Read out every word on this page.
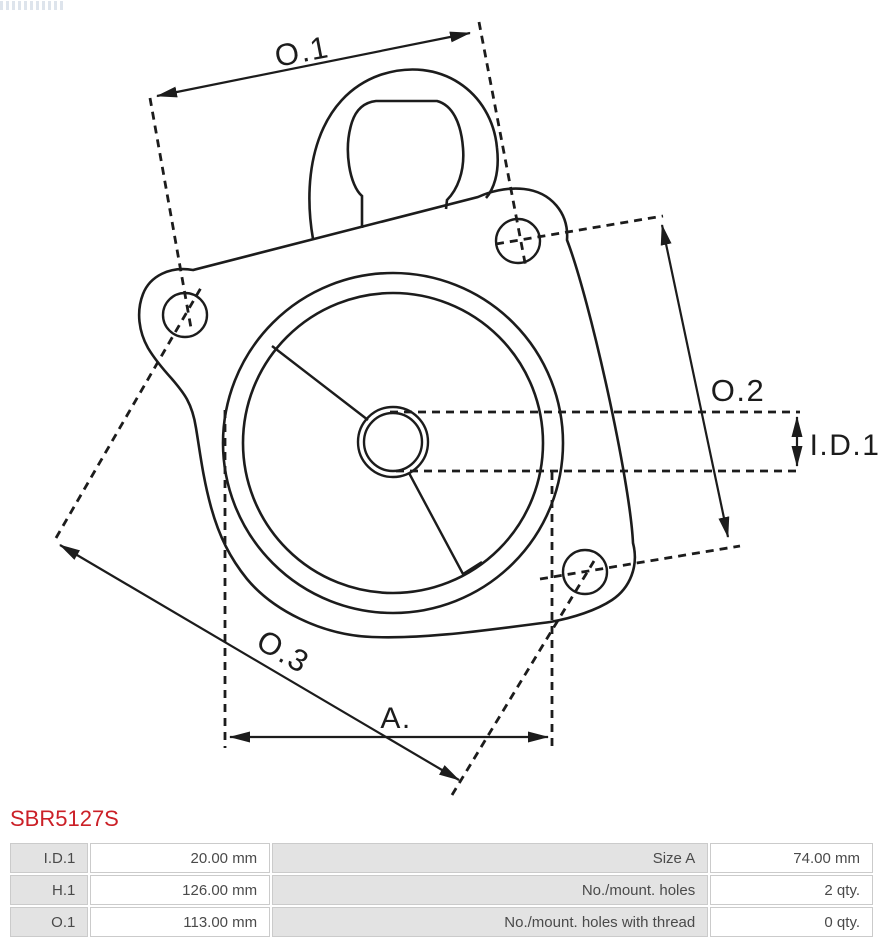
O.1
O.2
O.3
A.
I.D.1
SBR5127S
I.D.1	20.00 mm	Size A	74.00 mm
H.1	126.00 mm	No./mount. holes	2 qty.
O.1	113.00 mm	No./mount. holes with thread	0 qty.
